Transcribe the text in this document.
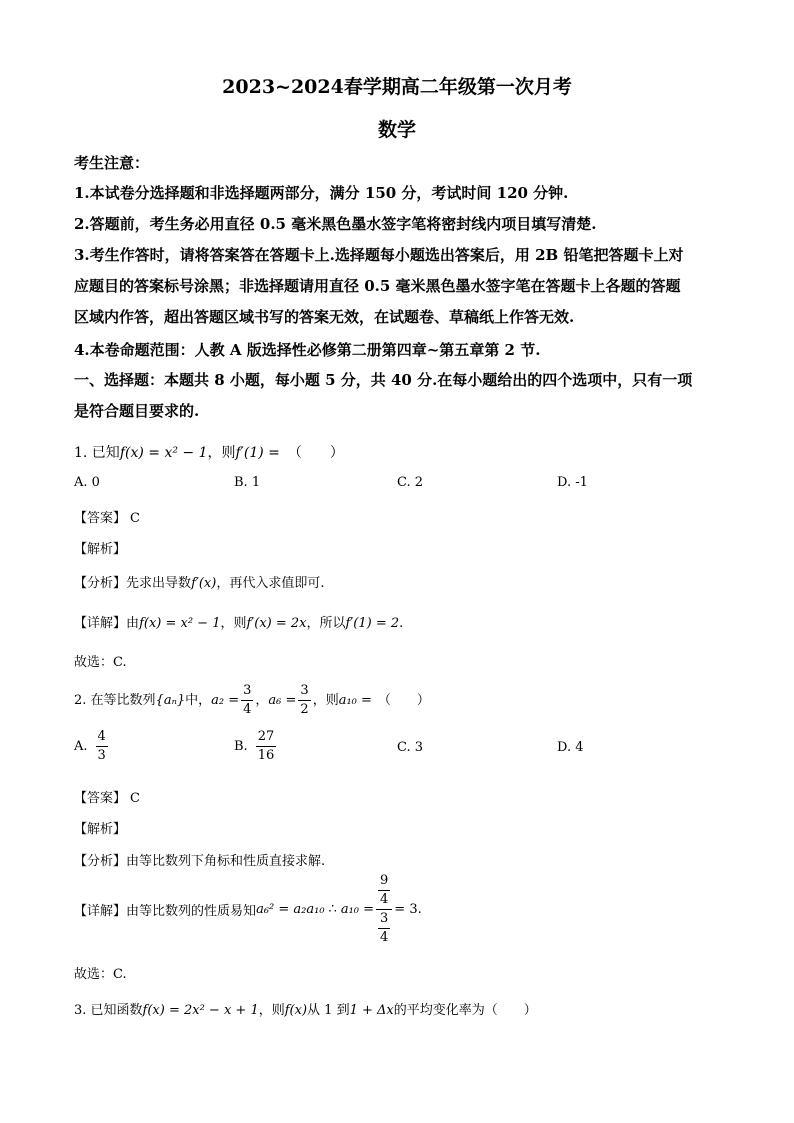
2023~2024春学期高二年级第一次月考
数学
考生注意：
1.本试卷分选择题和非选择题两部分，满分 150 分，考试时间 120 分钟.
2.答题前，考生务必用直径 0.5 毫米黑色墨水签字笔将密封线内项目填写清楚.
3.考生作答时，请将答案答在答题卡上.选择题每小题选出答案后，用 2B 铅笔把答题卡上对
应题目的答案标号涂黑；非选择题请用直径 0.5 毫米黑色墨水签字笔在答题卡上各题的答题
区域内作答，超出答题区域书写的答案无效，在试题卷、草稿纸上作答无效.
4.本卷命题范围：人教 A 版选择性必修第二册第四章~第五章第 2 节.
一、选择题：本题共 8 小题，每小题 5 分，共 40 分.在每小题给出的四个选项中，只有一项
是符合题目要求的.
1. 已知f(x) = x² − 1，则f′(1) = （　　）
A. 0	B. 1	C. 2	D. -1
【答案】 C
【解析】
【分析】先求出导数f′(x)，再代入求值即可.
【详解】由f(x) = x² − 1，则f′(x) = 2x，所以f′(1) = 2.
故选：C.
2. 在等比数列{aₙ}中，$a_2 = \frac{3}{4}$ ，$a_6 = \frac{3}{2}$ ，则a₁₀ = （　　）
A. $\frac{4}{3}$	B. $\frac{27}{16}$	C. 3	D. 4
【答案】 C
【解析】
【分析】由等比数列下角标和性质直接求解.
【详解】由等比数列的性质易知a₆² = a₂a₁₀ ∴ $a_{10} = \frac{\frac{9}{4}}{\frac{3}{4}} = 3$.
故选：C.
3. 已知函数f(x) = 2x² − x + 1，则f(x)从 1 到1 + Δx的平均变化率为（　　）
